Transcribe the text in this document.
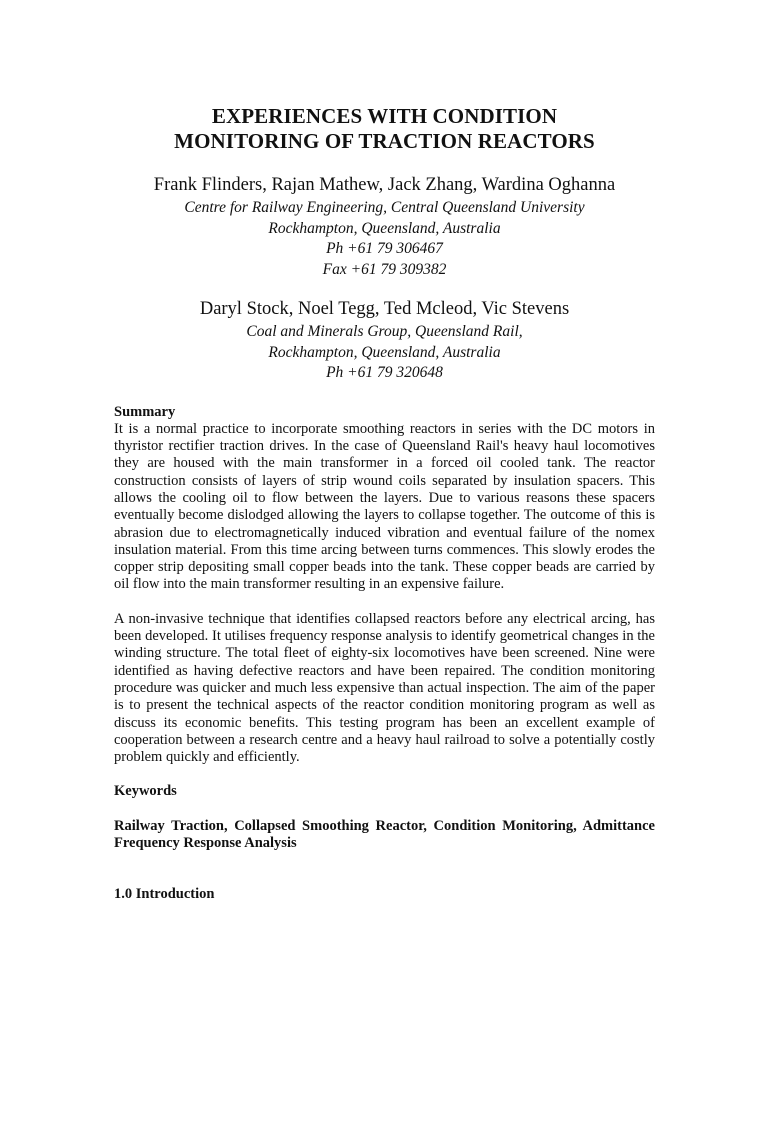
EXPERIENCES WITH CONDITION
MONITORING OF TRACTION REACTORS
Frank Flinders, Rajan Mathew, Jack Zhang, Wardina Oghanna
Centre for Railway Engineering, Central Queensland University
Rockhampton, Queensland, Australia
Ph +61 79 306467
Fax +61 79 309382
Daryl Stock, Noel Tegg, Ted Mcleod, Vic Stevens
Coal and Minerals Group, Queensland Rail,
Rockhampton, Queensland, Australia
Ph +61 79 320648
Summary

It is a normal practice to incorporate smoothing reactors in series with the DC motors in thyristor rectifier traction drives. In the case of Queensland Rail's heavy haul locomotives they are housed with the main transformer in a forced oil cooled tank. The reactor construction consists of layers of strip wound coils separated by insulation spacers. This allows the cooling oil to flow between the layers. Due to various reasons these spacers eventually become dislodged allowing the layers to collapse together. The outcome of this is abrasion due to electromagnetically induced vibration and eventual failure of the nomex insulation material. From this time arcing between turns commences. This slowly erodes the copper strip depositing small copper beads into the tank. These copper beads are carried by oil flow into the main transformer resulting in an expensive failure.

A non-invasive technique that identifies collapsed reactors before any electrical arcing, has been developed. It utilises frequency response analysis to identify geometrical changes in the winding structure. The total fleet of eighty-six locomotives have been screened. Nine were identified as having defective reactors and have been repaired. The condition monitoring procedure was quicker and much less expensive than actual inspection. The aim of the paper is to present the technical aspects of the reactor condition monitoring program as well as discuss its economic benefits. This testing program has been an excellent example of cooperation between a research centre and a heavy haul railroad to solve a potentially costly problem quickly and efficiently.

Keywords

Railway Traction, Collapsed Smoothing Reactor, Condition Monitoring, Admittance Frequency Response Analysis

1.0 Introduction
